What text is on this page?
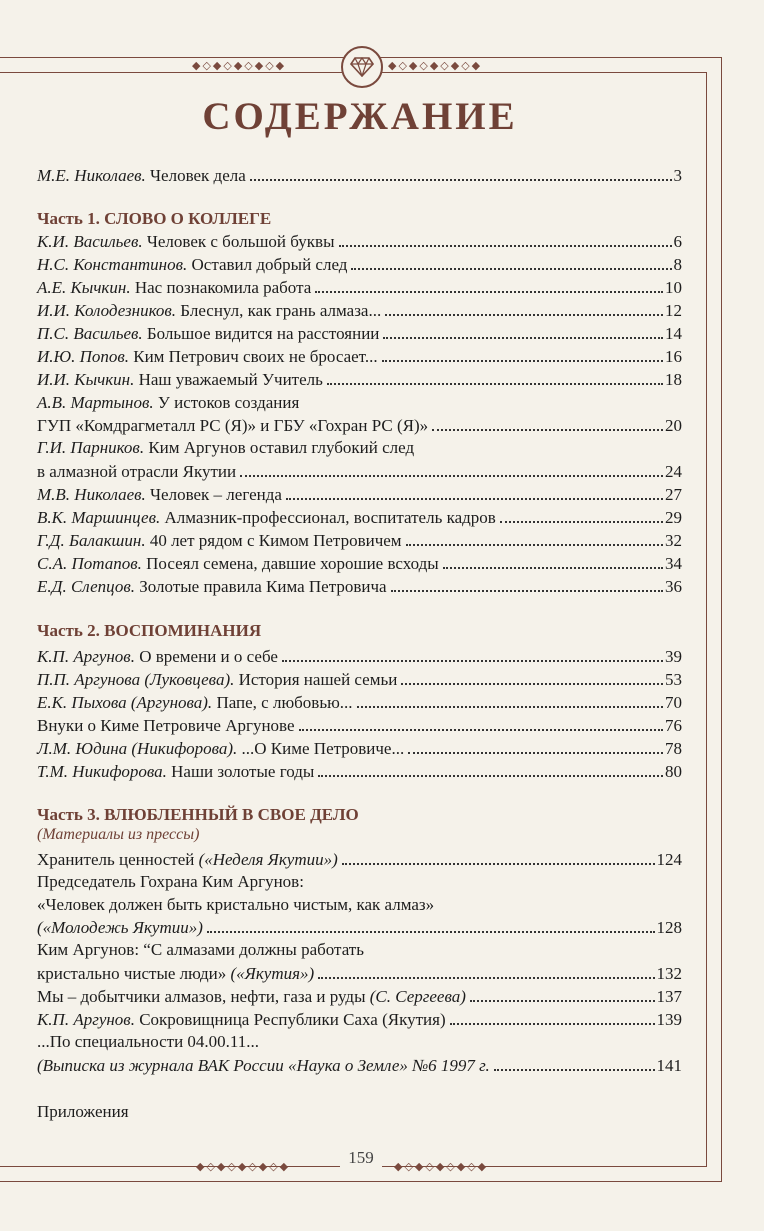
◆◇◆◇◆◇◆◇◆	◆◇◆◇◆◇◆◇◆
◆◇◆◇◆◇◆◇◆	◆◇◆◇◆◇◆◇◆
159
СОДЕРЖАНИЕ
М.Е. Николаев. Человек дела	3
Часть 1. СЛОВО О КОЛЛЕГЕ
К.И. Васильев. Человек с большой буквы	6
Н.С. Константинов. Оставил добрый след	8
А.Е. Кычкин. Нас познакомила работа	10
И.И. Колодезников. Блеснул, как грань алмаза...	12
П.С. Васильев. Большое видится на расстоянии	14
И.Ю. Попов. Ким Петрович своих не бросает...	16
И.И. Кычкин. Наш уважаемый Учитель	18
А.В. Мартынов. У истоков создания
ГУП «Комдрагметалл РС (Я)» и ГБУ «Гохран РС (Я)»	20
Г.И. Парников. Ким Аргунов оставил глубокий след
в алмазной отрасли Якутии	24
М.В. Николаев. Человек – легенда	27
В.К. Маршинцев. Алмазник-профессионал, воспитатель кадров	29
Г.Д. Балакшин. 40 лет рядом с Кимом Петровичем	32
С.А. Потапов. Посеял семена, давшие хорошие всходы	34
Е.Д. Слепцов. Золотые правила Кима Петровича	36
Часть 2. ВОСПОМИНАНИЯ
К.П. Аргунов. О времени и о себе	39
П.П. Аргунова (Луковцева). История нашей семьи	53
Е.К. Пыхова (Аргунова). Папе, с любовью...	70
Внуки о Киме Петровиче Аргунове	76
Л.М. Юдина (Никифорова). ...О Киме Петровиче...	78
Т.М. Никифорова. Наши золотые годы	80
Часть 3. ВЛЮБЛЕННЫЙ В СВОЕ ДЕЛО
(Материалы из прессы)
Хранитель ценностей («Неделя Якутии»)	124
Председатель Гохрана Ким Аргунов:
«Человек должен быть кристально чистым, как алмаз»
(«Молодежь Якутии»)	128
Ким Аргунов: “С алмазами должны работать
кристально чистые люди» («Якутия»)	132
Мы – добытчики алмазов, нефти, газа и руды (С. Сергеева)	137
К.П. Аргунов. Сокровищница Республики Саха (Якутия)	139
...По специальности 04.00.11...
(Выписка из журнала ВАК России «Наука о Земле» №6 1997 г.	141
Приложения
